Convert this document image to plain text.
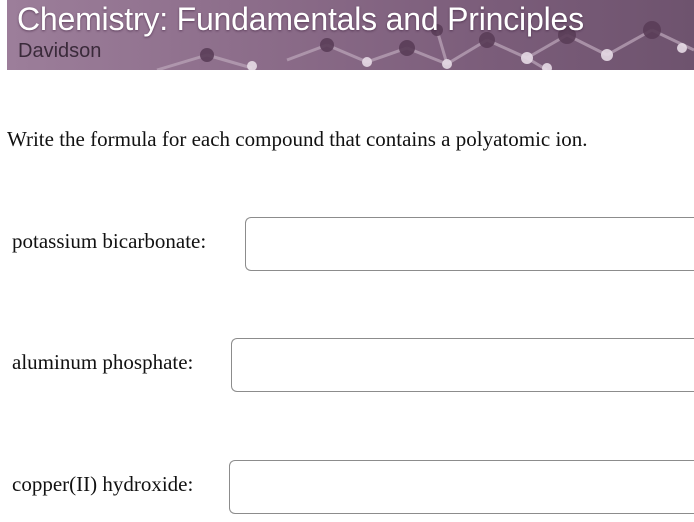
Chemistry: Fundamentals and Principles
Davidson
Write the formula for each compound that contains a polyatomic ion.
potassium bicarbonate:
aluminum phosphate:
copper(II) hydroxide:
